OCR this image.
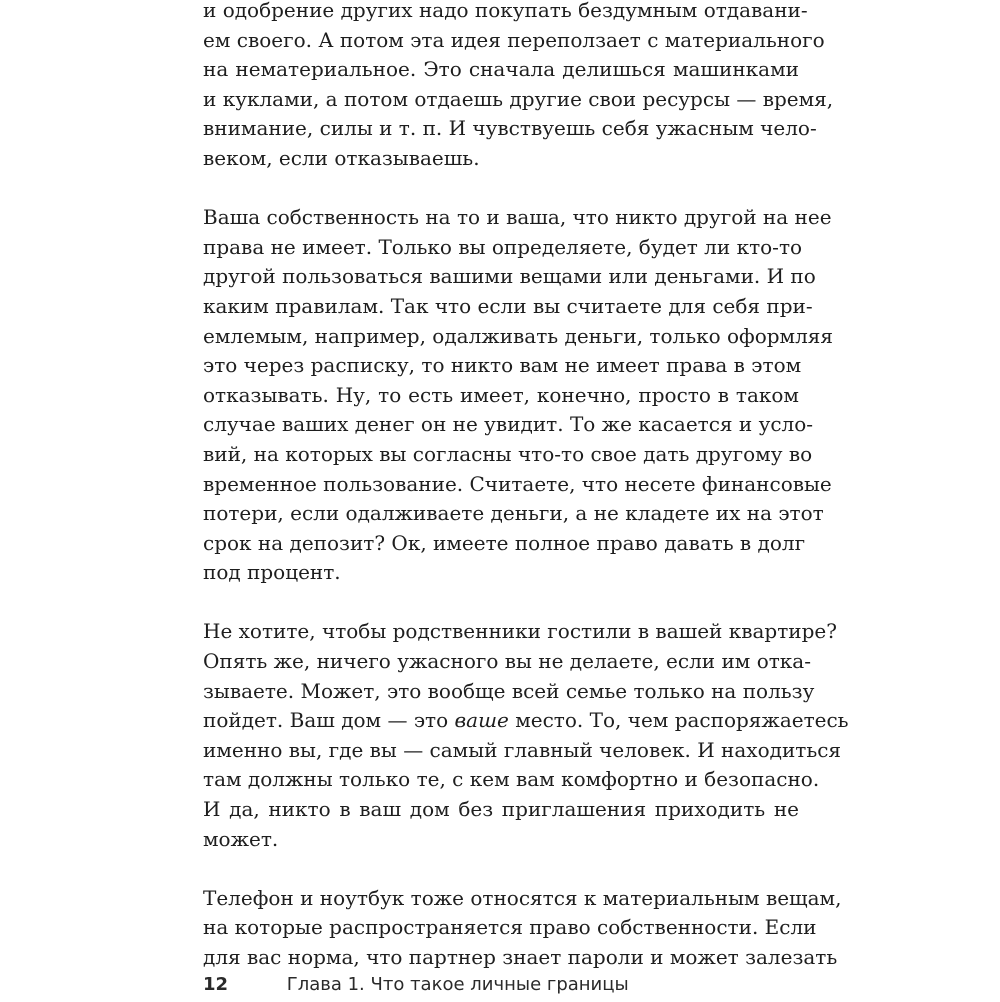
и одобрение других надо покупать бездумным отдавани-
ем своего. А потом эта идея переползает с материального
на нематериальное. Это сначала делишься машинками
и куклами, а потом отдаешь другие свои ресурсы — время,
внимание, силы и т. п. И чувствуешь себя ужасным чело-
веком, если отказываешь.

Ваша собственность на то и ваша, что никто другой на нее
права не имеет. Только вы определяете, будет ли кто-то
другой пользоваться вашими вещами или деньгами. И по
каким правилам. Так что если вы считаете для себя при-
емлемым, например, одалживать деньги, только оформляя
это через расписку, то никто вам не имеет права в этом
отказывать. Ну, то есть имеет, конечно, просто в таком
случае ваших денег он не увидит. То же касается и усло-
вий, на которых вы согласны что-то свое дать другому во
временное пользование. Считаете, что несете финансовые
потери, если одалживаете деньги, а не кладете их на этот
срок на депозит? Ок, имеете полное право давать в долг
под процент.

Не хотите, чтобы родственники гостили в вашей квартире?
Опять же, ничего ужасного вы не делаете, если им отка-
зываете. Может, это вообще всей семье только на пользу
пойдет. Ваш дом — это ваше место. То, чем распоряжаетесь
именно вы, где вы — самый главный человек. И находиться
там должны только те, с кем вам комфортно и безопасно.
И да, никто в ваш дом без приглашения приходить не
может.

Телефон и ноутбук тоже относятся к материальным вещам,
на которые распространяется право собственности. Если
для вас норма, что партнер знает пароли и может залезать

12	Глава 1. Что такое личные границы
